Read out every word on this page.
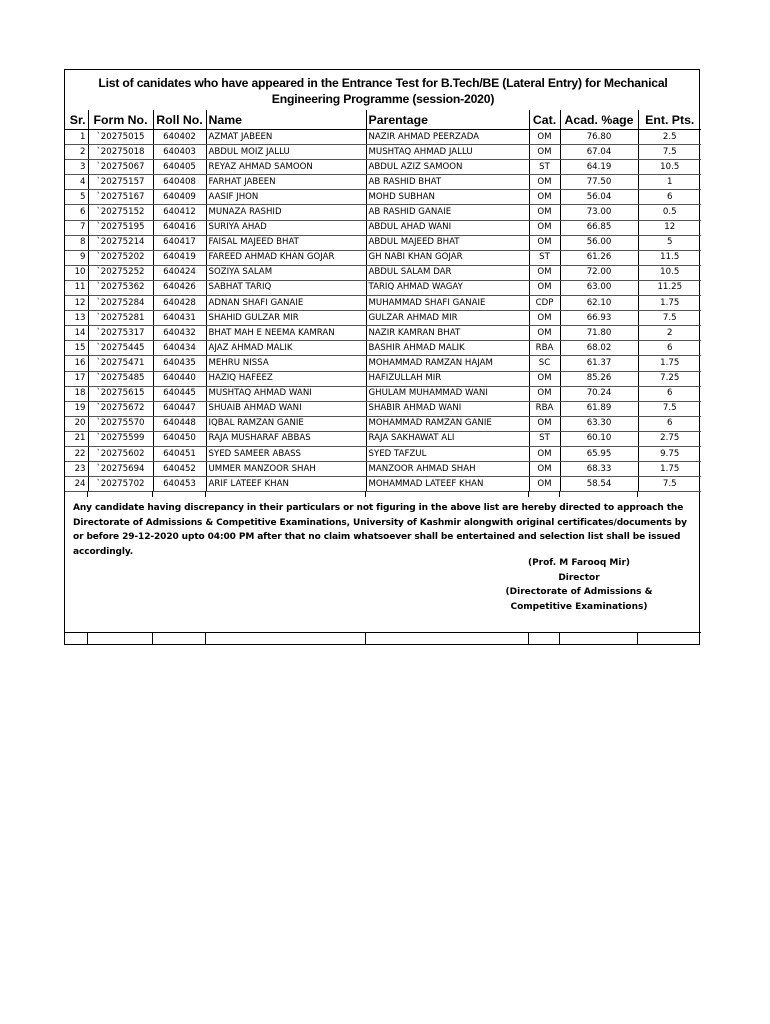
List of canidates who have appeared in the Entrance Test for B.Tech/BE (Lateral Entry) for Mechanical
Engineering Programme (session-2020)
Sr.	Form No.	Roll No.	Name	Parentage	Cat.	Acad. %age	Ent. Pts.
1	`20275015	640402	AZMAT JABEEN	NAZIR AHMAD PEERZADA	OM	76.80	2.5
2	`20275018	640403	ABDUL MOIZ JALLU	MUSHTAQ AHMAD JALLU	OM	67.04	7.5
3	`20275067	640405	REYAZ AHMAD SAMOON	ABDUL AZIZ SAMOON	ST	64.19	10.5
4	`20275157	640408	FARHAT JABEEN	AB RASHID BHAT	OM	77.50	1
5	`20275167	640409	AASIF JHON	MOHD SUBHAN	OM	56.04	6
6	`20275152	640412	MUNAZA RASHID	AB RASHID GANAIE	OM	73.00	0.5
7	`20275195	640416	SURIYA AHAD	ABDUL AHAD WANI	OM	66.85	12
8	`20275214	640417	FAISAL MAJEED BHAT	ABDUL MAJEED BHAT	OM	56.00	5
9	`20275202	640419	FAREED AHMAD KHAN GOJAR	GH NABI KHAN GOJAR	ST	61.26	11.5
10	`20275252	640424	SOZIYA SALAM	ABDUL SALAM DAR	OM	72.00	10.5
11	`20275362	640426	SABHAT TARIQ	TARIQ AHMAD WAGAY	OM	63.00	11.25
12	`20275284	640428	ADNAN SHAFI GANAIE	MUHAMMAD SHAFI GANAIE	CDP	62.10	1.75
13	`20275281	640431	SHAHID GULZAR MIR	GULZAR AHMAD MIR	OM	66.93	7.5
14	`20275317	640432	BHAT MAH E NEEMA KAMRAN	NAZIR KAMRAN BHAT	OM	71.80	2
15	`20275445	640434	AJAZ AHMAD MALIK	BASHIR AHMAD MALIK	RBA	68.02	6
16	`20275471	640435	MEHRU NISSA	MOHAMMAD RAMZAN HAJAM	SC	61.37	1.75
17	`20275485	640440	HAZIQ HAFEEZ	HAFIZULLAH MIR	OM	85.26	7.25
18	`20275615	640445	MUSHTAQ AHMAD WANI	GHULAM MUHAMMAD WANI	OM	70.24	6
19	`20275672	640447	SHUAIB AHMAD WANI	SHABIR AHMAD WANI	RBA	61.89	7.5
20	`20275570	640448	IQBAL RAMZAN GANIE	MOHAMMAD RAMZAN GANIE	OM	63.30	6
21	`20275599	640450	RAJA MUSHARAF ABBAS	RAJA SAKHAWAT ALI	ST	60.10	2.75
22	`20275602	640451	SYED SAMEER ABASS	SYED TAFZUL	OM	65.95	9.75
23	`20275694	640452	UMMER MANZOOR SHAH	MANZOOR AHMAD SHAH	OM	68.33	1.75
24	`20275702	640453	ARIF LATEEF KHAN	MOHAMMAD LATEEF KHAN	OM	58.54	7.5
Any candidate having discrepancy in their particulars or not figuring in the above list are hereby directed to approach the Directorate of Admissions & Competitive Examinations, University of Kashmir alongwith original certificates/documents by or before 29-12-2020 upto 04:00 PM after that no claim whatsoever shall be entertained and selection list shall be issued accordingly.
(Prof. M Farooq Mir)
Director
(Directorate of Admissions &
Competitive Examinations)
